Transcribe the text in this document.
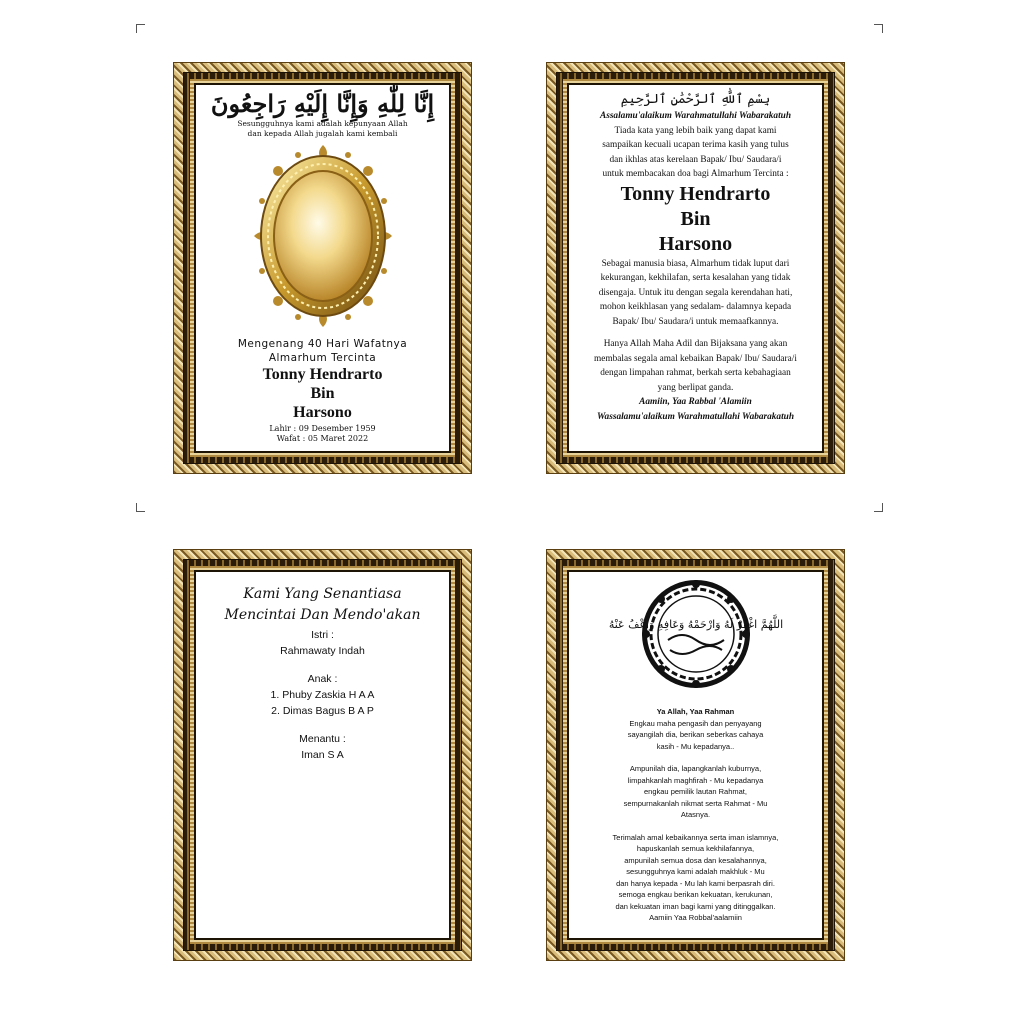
إِنَّا لِلّٰهِ وَإِنَّا إِلَيْهِ رَاجِعُونَ
Sesungguhnya kami adalah kepunyaan Allah
dan kepada Allah jugalah kami kembali
Mengenang 40 Hari Wafatnya
Almarhum Tercinta
Tonny Hendrarto
Bin
Harsono
Lahir : 09 Desember 1959
Wafat : 05 Maret 2022
بِسْمِ ٱللَّٰهِ ٱلرَّحْمَٰنِ ٱلرَّحِيمِ
Assalamu'alaikum Warahmatullahi Wabarakatuh
Tiada kata yang lebih baik yang dapat kami
sampaikan kecuali ucapan terima kasih yang tulus
dan ikhlas atas kerelaan Bapak/ Ibu/ Saudara/i
untuk membacakan doa bagi Almarhum Tercinta :
Tonny Hendrarto
Bin
Harsono
Sebagai manusia biasa, Almarhum tidak luput dari
kekurangan, kekhilafan, serta kesalahan yang tidak
disengaja. Untuk itu dengan segala kerendahan hati,
mohon keikhlasan yang sedalam- dalamnya kepada
Bapak/ Ibu/ Saudara/i untuk memaafkannya.
Hanya Allah Maha Adil dan Bijaksana yang akan
membalas segala amal kebaikan Bapak/ Ibu/ Saudara/i
dengan limpahan rahmat, berkah serta kebahagiaan
yang berlipat ganda.
Aamiin, Yaa Rabbal 'Alamiin
Wassalamu'alaikum Warahmatullahi Wabarakatuh
Kami Yang Senantiasa
Mencintai Dan Mendo'akan
Istri :
Rahmawaty Indah
Anak :
1. Phuby Zaskia H A A
2. Dimas Bagus B A P
Menantu :
Iman S A
اللَّهُمَّ اغْفِرْ لَهُ وَارْحَمْهُ وَعَافِهِ وَاعْفُ عَنْهُ
Ya Allah, Yaa Rahman
Engkau maha pengasih dan penyayang
sayangilah dia, berikan seberkas cahaya
kasih - Mu kepadanya..
Ampunilah dia, lapangkanlah kuburnya,
limpahkanlah maghfirah - Mu kepadanya
engkau pemilik lautan Rahmat,
sempurnakanlah nikmat serta Rahmat - Mu
Atasnya.
Terimalah amal kebaikannya serta iman islamnya,
hapuskanlah semua kekhilafannya,
ampunilah semua dosa dan kesalahannya,
sesungguhnya kami adalah makhluk - Mu
dan hanya kepada - Mu lah kami berpasrah diri.
semoga engkau berikan kekuatan, kerukunan,
dan kekuatan iman bagi kami yang ditinggalkan.
Aamiin Yaa Robbal'aalamiin
